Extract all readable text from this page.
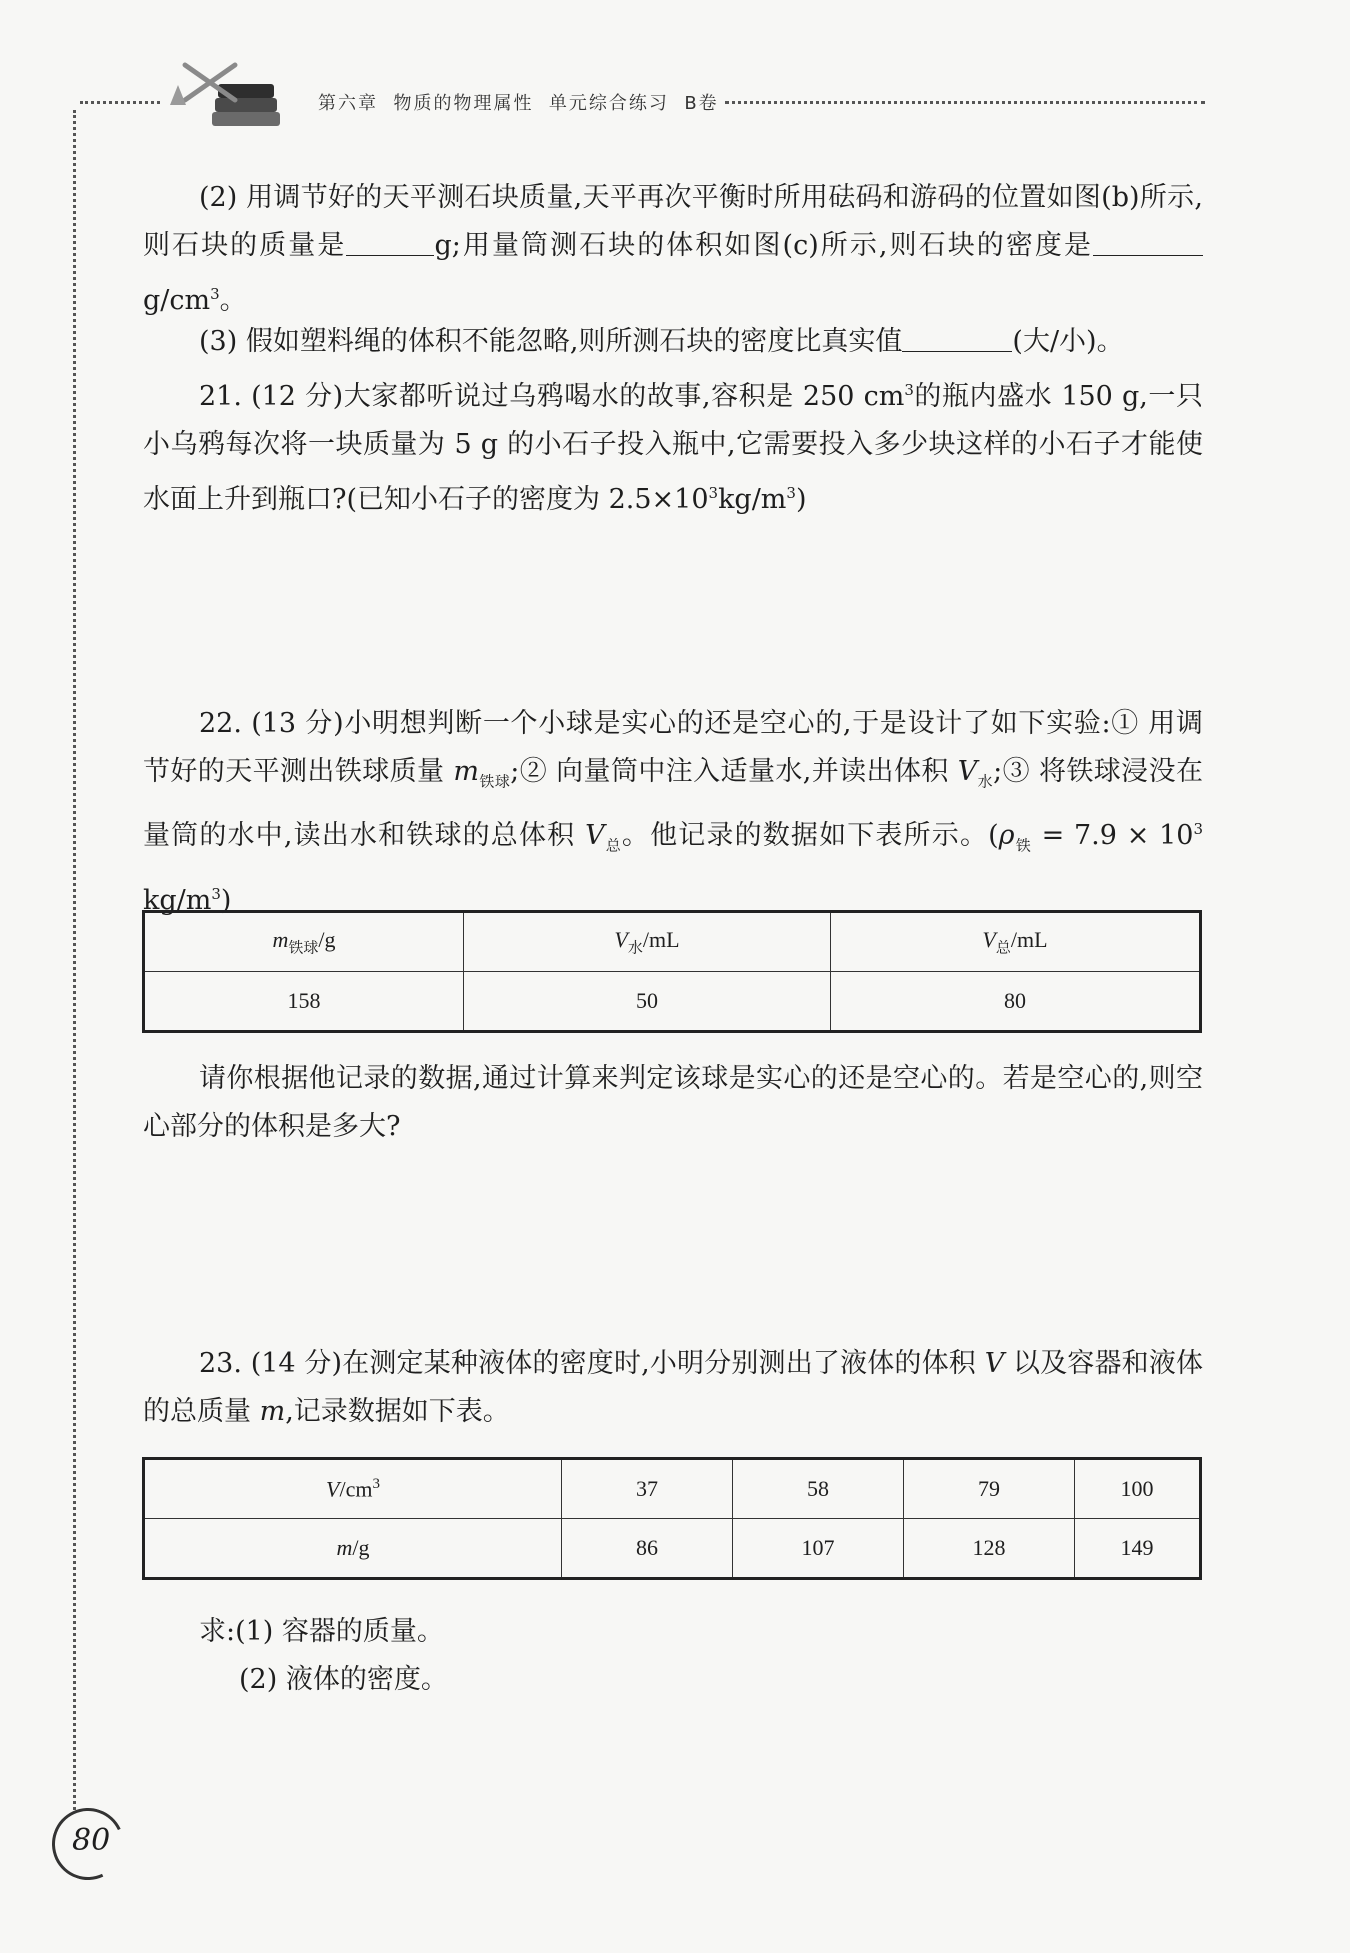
第六章  物质的物理属性  单元综合练习  B卷
(2) 用调节好的天平测石块质量,天平再次平衡时所用砝码和游码的位置如图(b)所示,则石块的质量是	g;用量筒测石块的体积如图(c)所示,则石块的密度是$g/cm^3$。
(3) 假如塑料绳的体积不能忽略,则所测石块的密度比真实值	(大/小)。
21. (12 分)大家都听说过乌鸦喝水的故事,容积是 250 $cm^3$的瓶内盛水 150 g,一只小乌鸦每次将一块质量为 5 g 的小石子投入瓶中,它需要投入多少块这样的小石子才能使水面上升到瓶口?(已知小石子的密度为 $2.5\times 10^3kg/m^3$)
22. (13 分)小明想判断一个小球是实心的还是空心的,于是设计了如下实验:① 用调节好的天平测出铁球质量 $m_{铁球};②$ 向量筒中注入适量水,并读出体积 $V_水;③$ 将铁球浸没在量筒的水中,读出水和铁球的总体积 $V_总$。他记录的数据如下表所示。($\rho_铁 = 7.9 \times 10^3$ $kg/m^3$)
$m_{铁球}/g$	$V_水/mL$	$V_总/mL$
158	50	80
请你根据他记录的数据,通过计算来判定该球是实心的还是空心的。若是空心的,则空心部分的体积是多大?
23. (14 分)在测定某种液体的密度时,小明分别测出了液体的体积 V 以及容器和液体的总质量 m,记录数据如下表。
$V/cm^3$	37	58	79	100
m/g	86	107	128	149
求:(1) 容器的质量。
(2) 液体的密度。
80
